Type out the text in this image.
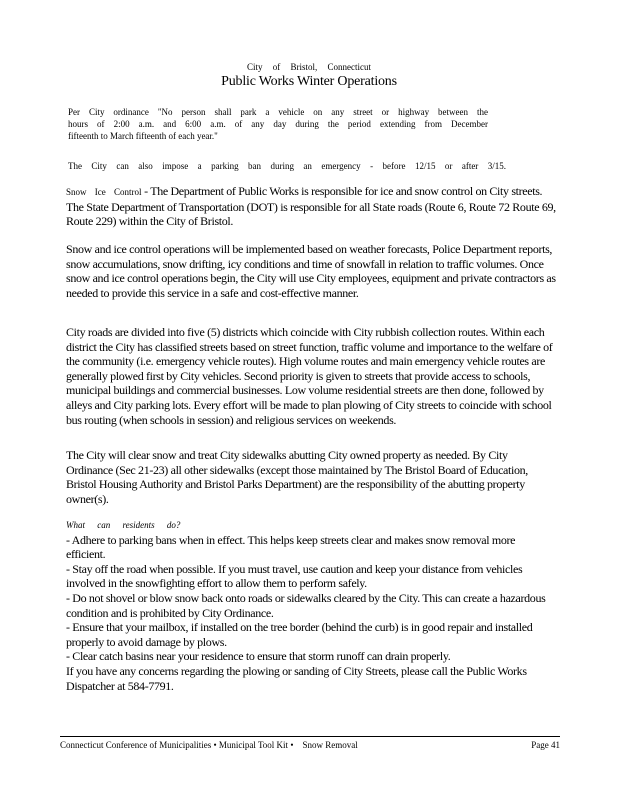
City of Bristol, Connecticut
Public Works Winter Operations
Per City ordinance "No person shall park a vehicle on any street or highway between the
hours of 2:00 a.m. and 6:00 a.m. of any day during the period extending from December
fifteenth to March fifteenth of each year."
The City can also impose a parking ban during an emergency - before 12/15 or after 3/15.

Snow Ice Control - The Department of Public Works is responsible for ice and snow control on City streets. The State Department of Transportation (DOT) is responsible for all State roads (Route 6, Route 72 Route 69, Route 229) within the City of Bristol.

Snow and ice control operations will be implemented based on weather forecasts, Police Department reports, snow accumulations, snow drifting, icy conditions and time of snowfall in relation to traffic volumes. Once snow and ice control operations begin, the City will use City employees, equipment and private contractors as needed to provide this service in a safe and cost-effective manner.

City roads are divided into five (5) districts which coincide with City rubbish collection routes. Within each district the City has classified streets based on street function, traffic volume and importance to the welfare of the community (i.e. emergency vehicle routes). High volume routes and main emergency vehicle routes are generally plowed first by City vehicles. Second priority is given to streets that provide access to schools, municipal buildings and commercial businesses. Low volume residential streets are then done, followed by alleys and City parking lots. Every effort will be made to plan plowing of City streets to coincide with school bus routing (when schools in session) and religious services on weekends.

The City will clear snow and treat City sidewalks abutting City owned property as needed. By City Ordinance (Sec 21-23) all other sidewalks (except those maintained by The Bristol Board of Education, Bristol Housing Authority and Bristol Parks Department) are the responsibility of the abutting property owner(s).

What can residents do?

- Adhere to parking bans when in effect. This helps keep streets clear and makes snow removal more efficient.

- Stay off the road when possible. If you must travel, use caution and keep your distance from vehicles involved in the snowfighting effort to allow them to perform safely.

- Do not shovel or blow snow back onto roads or sidewalks cleared by the City. This can create a hazardous condition and is prohibited by City Ordinance.

- Ensure that your mailbox, if installed on the tree border (behind the curb) is in good repair and installed properly to avoid damage by plows.

- Clear catch basins near your residence to ensure that storm runoff can drain properly.

If you have any concerns regarding the plowing or sanding of City Streets, please call the Public Works Dispatcher at 584-7791.

Connecticut Conference of Municipalities • Municipal Tool Kit •    Snow Removal	Page 41
